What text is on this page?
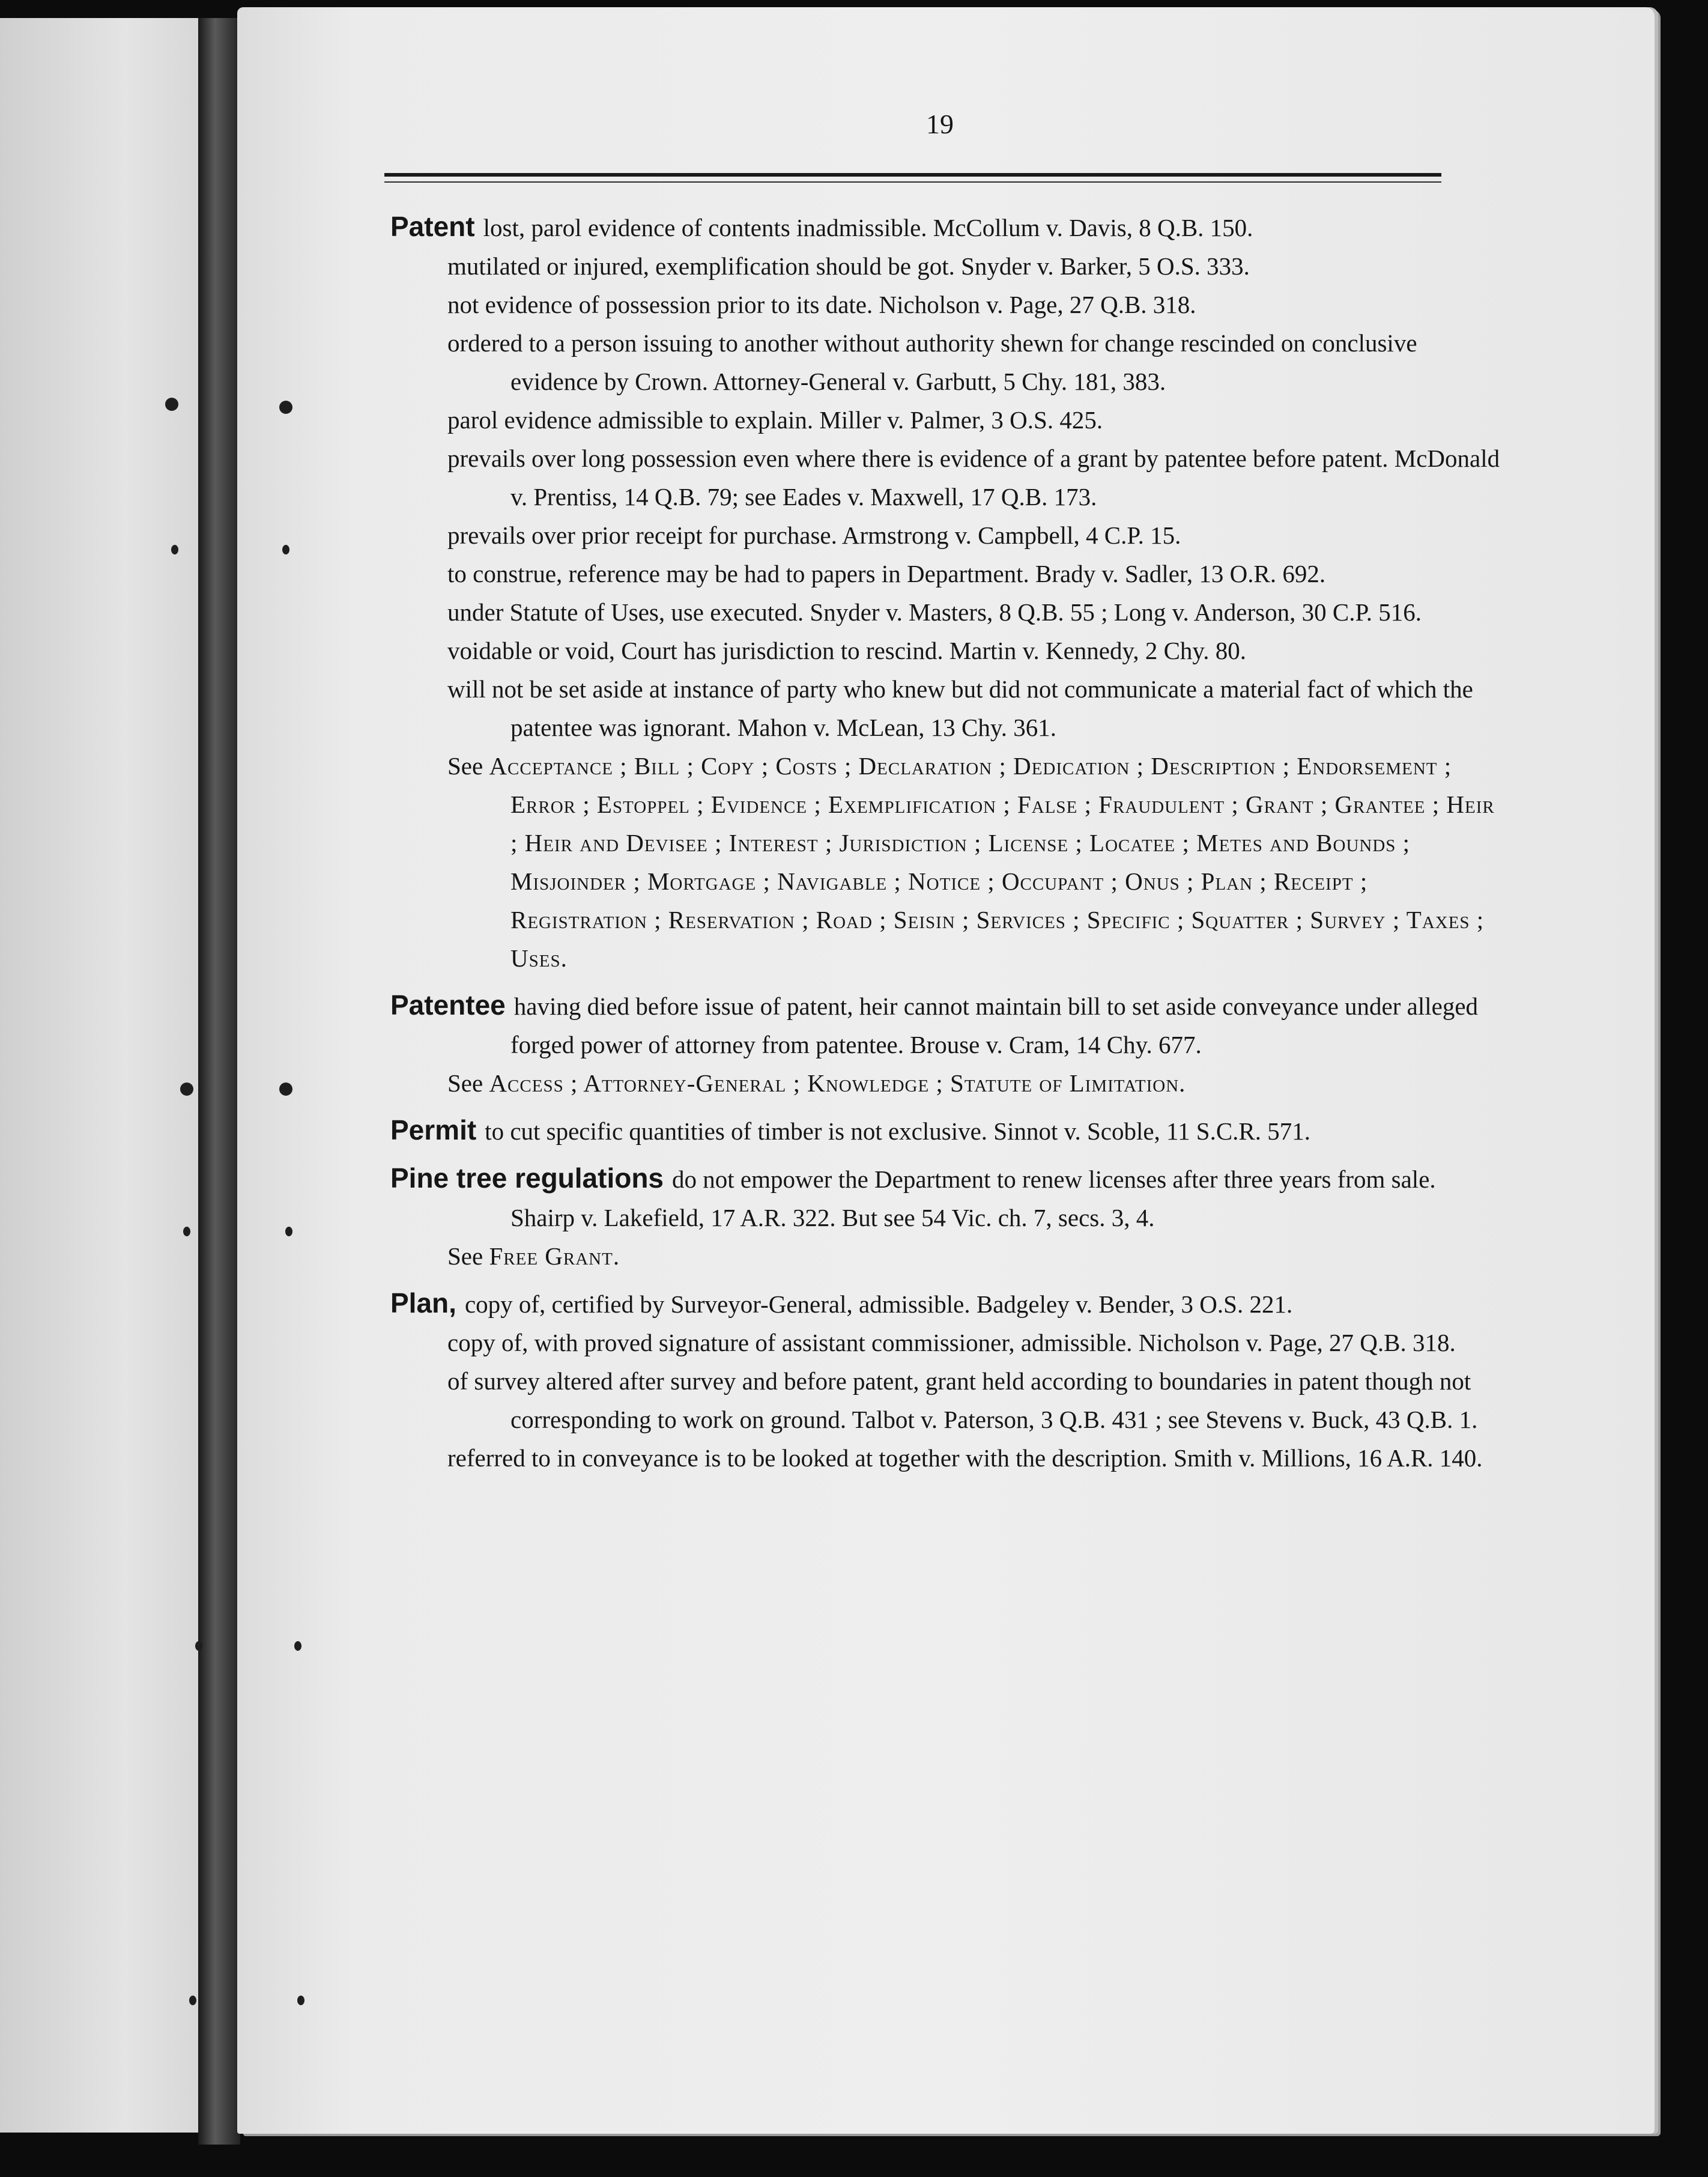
19

Patent lost, parol evidence of contents inadmissible. McCollum v. Davis, 8 Q.B. 150.

mutilated or injured, exemplification should be got. Snyder v. Barker, 5 O.S. 333.

not evidence of possession prior to its date. Nicholson v. Page, 27 Q.B. 318.

ordered to a person issuing to another without authority shewn for change rescinded on conclusive evidence by Crown. Attorney-General v. Garbutt, 5 Chy. 181, 383.

parol evidence admissible to explain. Miller v. Palmer, 3 O.S. 425.

prevails over long possession even where there is evidence of a grant by patentee before patent. McDonald v. Prentiss, 14 Q.B. 79; see Eades v. Maxwell, 17 Q.B. 173.

prevails over prior receipt for purchase. Armstrong v. Campbell, 4 C.P. 15.

to construe, reference may be had to papers in Department. Brady v. Sadler, 13 O.R. 692.

under Statute of Uses, use executed. Snyder v. Masters, 8 Q.B. 55 ; Long v. Anderson, 30 C.P. 516.

voidable or void, Court has jurisdiction to rescind. Martin v. Kennedy, 2 Chy. 80.

will not be set aside at instance of party who knew but did not communicate a material fact of which the patentee was ignorant. Mahon v. McLean, 13 Chy. 361.

See Acceptance ; Bill ; Copy ; Costs ; Declaration ; Dedication ; Description ; Endorsement ; Error ; Estoppel ; Evidence ; Exemplification ; False ; Fraudulent ; Grant ; Grantee ; Heir ; Heir and Devisee ; Interest ; Jurisdiction ; License ; Locatee ; Metes and Bounds ; Misjoinder ; Mortgage ; Navigable ; Notice ; Occupant ; Onus ; Plan ; Receipt ; Registration ; Reservation ; Road ; Seisin ; Services ; Specific ; Squatter ; Survey ; Taxes ; Uses.

Patentee having died before issue of patent, heir cannot maintain bill to set aside conveyance under alleged forged power of attorney from patentee. Brouse v. Cram, 14 Chy. 677.

See Access ; Attorney-General ; Knowledge ; Statute of Limitation.

Permit to cut specific quantities of timber is not exclusive. Sinnot v. Scoble, 11 S.C.R. 571.

Pine tree regulations do not empower the Department to renew licenses after three years from sale. Shairp v. Lakefield, 17 A.R. 322. But see 54 Vic. ch. 7, secs. 3, 4.

See Free Grant.

Plan, copy of, certified by Surveyor-General, admissible. Badgeley v. Bender, 3 O.S. 221.

copy of, with proved signature of assistant commissioner, admissible. Nicholson v. Page, 27 Q.B. 318.

of survey altered after survey and before patent, grant held according to boundaries in patent though not corresponding to work on ground. Talbot v. Paterson, 3 Q.B. 431 ; see Stevens v. Buck, 43 Q.B. 1.

referred to in conveyance is to be looked at together with the description. Smith v. Millions, 16 A.R. 140.
